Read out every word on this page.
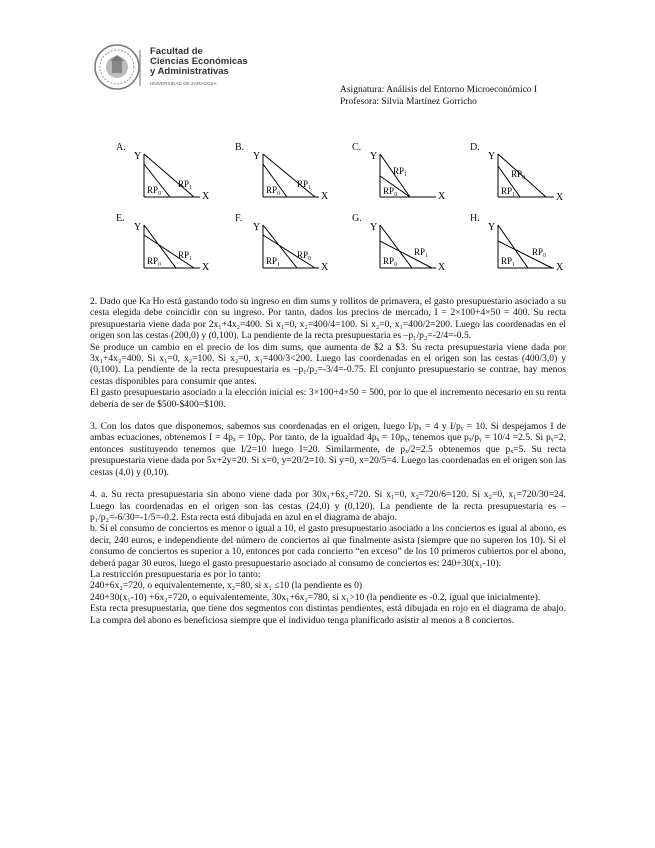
Facultad de
Ciencias Económicas
y Administrativas
UNIVERSIDAD DE ZARAGOZA
Asignatura: Análisis del Entorno Microeconómico I
Profesora: Silvia Martínez Gorricho
A.
Y
X
RP₁
RP₀
B.
Y
X
RP₁
RP₀
C.
Y
X
RP₁
RP₀
D.
Y
X
RP₀
RP₁
E.
Y
X
RP₁
RP₀
F.
Y
X
RP₀
RP₁
G.
Y
X
RP₁
RP₀
H.
Y
X
RP₀
RP₁

2. Dado que Ka Ho está gastando todo su ingreso en dim sums y rollitos de primavera, el gasto presupuestario asociado a su cesta elegida debe coincidir con su ingreso. Por tanto, dados los precios de mercado, I = 2×100+4×50 = 400. Su recta presupuestaria viene dada por 2x₁+4x₂=400. Si x₁=0, x₂=400/4=100. Si x₂=0, x₁=400/2=200. Luego las coordenadas en el origen son las cestas (200,0) y (0,100). La pendiente de la recta presupuestaria es –p₁/p₂=-2/4=-0.5.

Se produce un cambio en el precio de los dim sums, que aumenta de $2 a $3. Su recta presupuestaria viene dada por 3x₁+4x₂=400. Si x₁=0, x₂=100. Si x₂=0, x₁=400/3<200. Luego las coordenadas en el origen son las cestas (400/3,0) y (0,100). La pendiente de la recta presupuestaria es –p₁/p₂=-3/4=-0.75. El conjunto presupuestario se contrae, hay menos cestas disponibles para consumir que antes.

El gasto presupuestario asociado a la elección inicial es: 3×100+4×50 = 500, por lo que el incremento necesario en su renta debería de ser de $500-$400=$100.

3. Con los datos que disponemos, sabemos sus coordenadas en el origen, luego I/pₓ = 4 y I/pᵧ = 10. Si despejamos I de ambas ecuaciones, obtenemos I = 4pₓ = 10pᵧ. Por tanto, de la igualdad 4pₓ = 10pᵧ, tenemos que pₓ/pᵧ = 10/4 =2.5. Si pᵧ=2, entonces sustituyendo tenemos que I/2=10 luego I=20. Similarmente, de pₓ/2=2.5 obtenemos que pₓ=5. Su recta presupuestaria viene dada por 5x+2y=20. Si x=0, y=20/2=10. Si y=0, x=20/5=4. Luego las coordenadas en el origen son las cestas (4,0) y (0,10).

4. a. Su recta presupuestaria sin abono viene dada por 30x₁+6x₂=720. Si x₁=0, x₂=720/6=120. Si x₂=0, x₁=720/30=24. Luego las coordenadas en el origen son las cestas (24,0) y (0,120). La pendiente de la recta presupuestaria es –p₁/p₂=-6/30=-1/5=-0.2. Esta recta está dibujada en azul en el diagrama de abajo.

b. Si el consumo de conciertos es menor o igual a 10, el gasto presupuestario asociado a los conciertos es igual al abono, es decir, 240 euros, e independiente del número de conciertos al que finalmente asista (siempre que no superen los 10). Si el consumo de conciertos es superior a 10, entonces por cada concierto “en exceso” de los 10 primeros cubiertos por el abono, deberá pagar 30 euros, luego el gasto presupuestario asociado al consumo de conciertos es: 240+30(x₁-10).

La restricción presupuestaria es por lo tanto:

240+6x₂=720, o equivalentemente, x₂=80, si x₁ ≤10 (la pendiente es 0)

240+30(x₁-10) +6x₂=720, o equivalentemente, 30x₁+6x₂=780, si x₁>10 (la pendiente es -0.2, igual que inicialmente).

Esta recta presupuestaria, que tiene dos segmentos con distintas pendientes, está dibujada en rojo en el diagrama de abajo. La compra del abono es beneficiosa siempre que el individuo tenga planificado asistir al menos a 8 conciertos.
